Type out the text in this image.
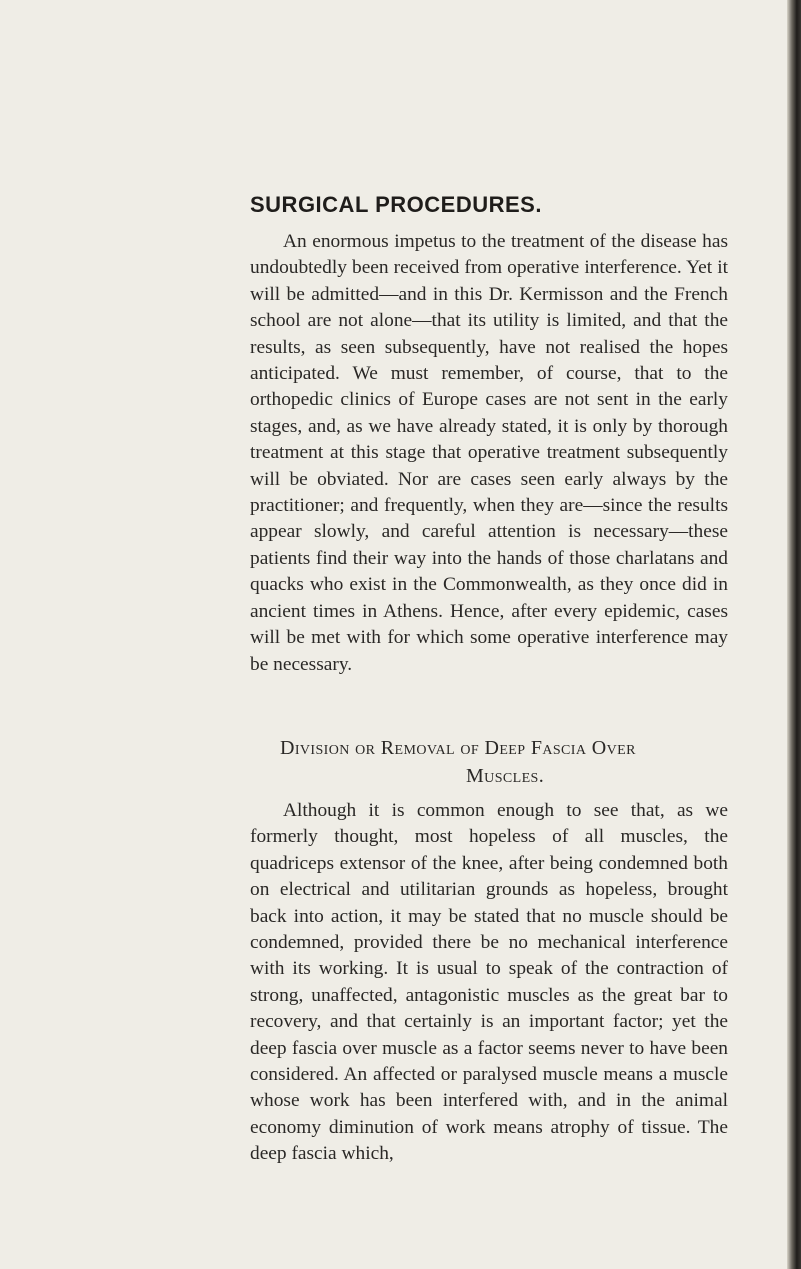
SURGICAL PROCEDURES.
An enormous impetus to the treatment of the disease has undoubtedly been received from operative interference. Yet it will be admitted—and in this Dr. Kermisson and the French school are not alone—that its utility is limited, and that the results, as seen subsequently, have not realised the hopes anticipated. We must remember, of course, that to the orthopedic clinics of Europe cases are not sent in the early stages, and, as we have already stated, it is only by thorough treatment at this stage that operative treatment subsequently will be obviated. Nor are cases seen early always by the practitioner; and frequently, when they are—since the results appear slowly, and careful attention is necessary—these patients find their way into the hands of those charlatans and quacks who exist in the Commonwealth, as they once did in ancient times in Athens. Hence, after every epidemic, cases will be met with for which some operative interference may be necessary.
Division or Removal of Deep Fascia Over
Muscles.
Although it is common enough to see that, as we formerly thought, most hopeless of all muscles, the quadriceps extensor of the knee, after being condemned both on electrical and utilitarian grounds as hopeless, brought back into action, it may be stated that no muscle should be condemned, provided there be no mechanical interference with its working. It is usual to speak of the contraction of strong, unaffected, antagonistic muscles as the great bar to recovery, and that certainly is an important factor; yet the deep fascia over muscle as a factor seems never to have been considered. An affected or paralysed muscle means a muscle whose work has been interfered with, and in the animal economy diminution of work means atrophy of tissue. The deep fascia which,
